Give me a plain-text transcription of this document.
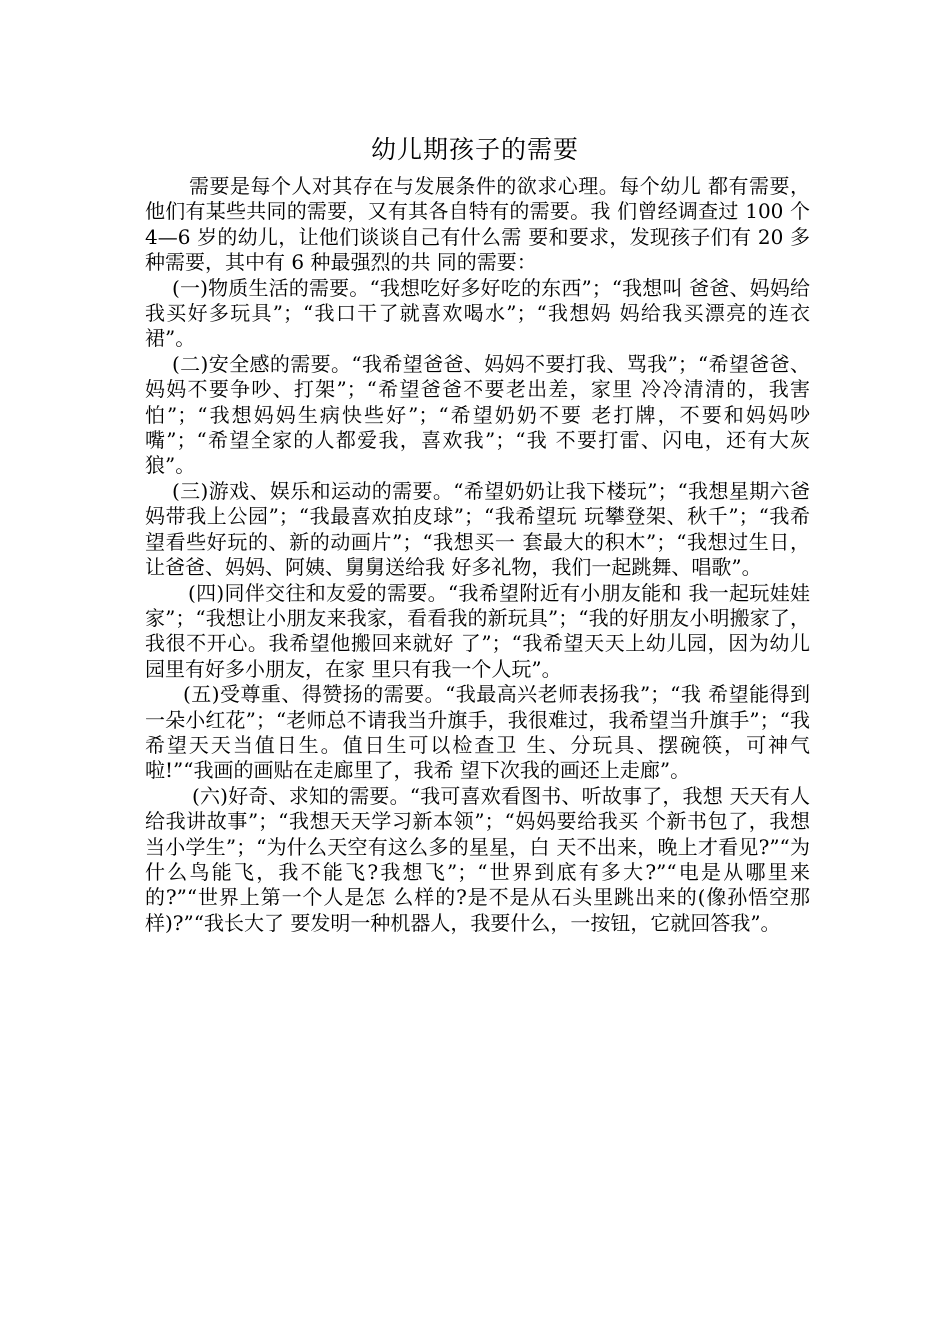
幼儿期孩子的需要

需要是每个人对其存在与发展条件的欲求心理。每个幼儿 都有需要，他们有某些共同的需要，又有其各自特有的需要。我 们曾经调查过 100 个 4—6 岁的幼儿，让他们谈谈自己有什么需 要和要求，发现孩子们有 20 多种需要，其中有 6 种最强烈的共 同的需要：

(一)物质生活的需要。“我想吃好多好吃的东西”；“我想叫 爸爸、妈妈给我买好多玩具”；“我口干了就喜欢喝水”；“我想妈 妈给我买漂亮的连衣裙”。

(二)安全感的需要。“我希望爸爸、妈妈不要打我、骂我”；“希望爸爸、妈妈不要争吵、打架”；“希望爸爸不要老出差，家里 冷冷清清的，我害怕”；“我想妈妈生病快些好”；“希望奶奶不要 老打牌，不要和妈妈吵嘴”；“希望全家的人都爱我，喜欢我”；“我 不要打雷、闪电，还有大灰狼”。

(三)游戏、娱乐和运动的需要。“希望奶奶让我下楼玩”；“我想星期六爸妈带我上公园”；“我最喜欢拍皮球”；“我希望玩 玩攀登架、秋千”；“我希望看些好玩的、新的动画片”；“我想买一 套最大的积木”；“我想过生日，让爸爸、妈妈、阿姨、舅舅送给我 好多礼物，我们一起跳舞、唱歌”。

(四)同伴交往和友爱的需要。“我希望附近有小朋友能和 我一起玩娃娃家”；“我想让小朋友来我家，看看我的新玩具”；“我的好朋友小明搬家了，我很不开心。我希望他搬回来就好 了”；“我希望天天上幼儿园，因为幼儿园里有好多小朋友，在家 里只有我一个人玩”。

(五)受尊重、得赞扬的需要。“我最高兴老师表扬我”；“我 希望能得到一朵小红花”；“老师总不请我当升旗手，我很难过，我希望当升旗手”；“我希望天天当值日生。值日生可以检查卫 生、分玩具、摆碗筷，可神气啦!”“我画的画贴在走廊里了，我希 望下次我的画还上走廊”。

(六)好奇、求知的需要。“我可喜欢看图书、听故事了，我想 天天有人给我讲故事”；“我想天天学习新本领”；“妈妈要给我买 个新书包了，我想当小学生”；“为什么天空有这么多的星星，白 天不出来，晚上才看见?”“为什么鸟能飞，我不能飞?我想飞”；“世界到底有多大?”“电是从哪里来的?”“世界上第一个人是怎 么样的?是不是从石头里跳出来的(像孙悟空那样)?”“我长大了 要发明一种机器人，我要什么，一按钮，它就回答我”。
